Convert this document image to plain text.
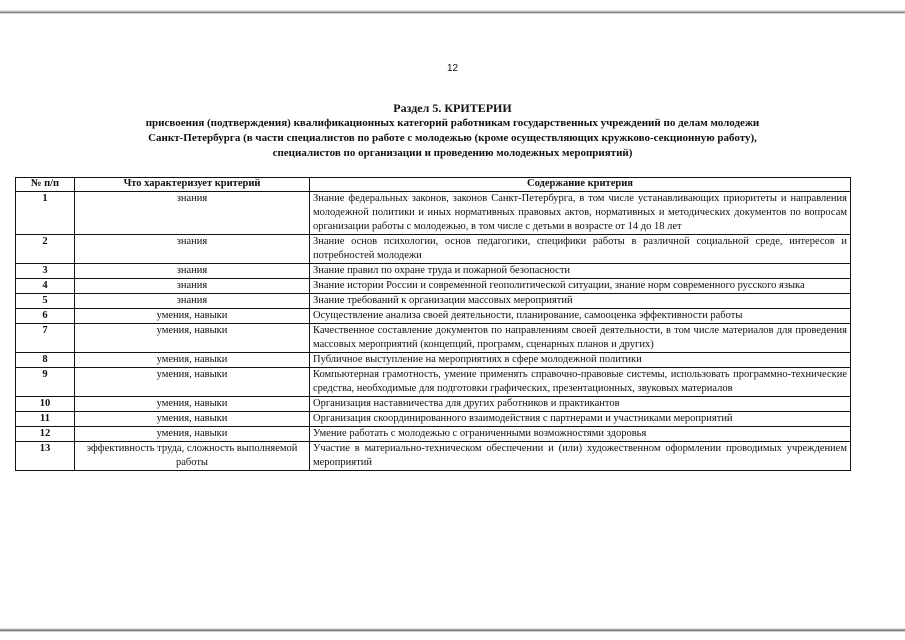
12
Раздел 5. КРИТЕРИИ
присвоения (подтверждения) квалификационных категорий работникам государственных учреждений по делам молодежи
Санкт-Петербурга (в части специалистов по работе с молодежью (кроме осуществляющих кружково-секционную работу),
специалистов по организации и проведению молодежных мероприятий)
№ п/п	Что характеризует критерий	Содержание критерия
1	знания	Знание федеральных законов, законов Санкт-Петербурга, в том числе устанавливающих приоритеты и направления молодежной политики и иных нормативных правовых актов, нормативных и методических документов по вопросам организации работы с молодежью, в том числе с детьми в возрасте от 14 до 18 лет
2	знания	Знание основ психологии, основ педагогики, специфики работы в различной социальной среде, интересов и потребностей молодежи
3	знания	Знание правил по охране труда и пожарной безопасности
4	знания	Знание истории России и современной геополитической ситуации, знание норм современного русского языка
5	знания	Знание требований к организации массовых мероприятий
6	умения, навыки	Осуществление анализа своей деятельности, планирование, самооценка эффективности работы
7	умения, навыки	Качественное составление документов по направлениям своей деятельности, в том числе материалов для проведения массовых мероприятий (концепций, программ, сценарных планов и других)
8	умения, навыки	Публичное выступление на мероприятиях в сфере молодежной политики
9	умения, навыки	Компьютерная грамотность, умение применять справочно-правовые системы, использовать программно-технические средства, необходимые для подготовки графических, презентационных, звуковых материалов
10	умения, навыки	Организация наставничества для других работников и практикантов
11	умения, навыки	Организация скоординированного взаимодействия с партнерами и участниками мероприятий
12	умения, навыки	Умение работать с молодежью с ограниченными возможностями здоровья
13	эффективность труда, сложность выполняемой работы	Участие в материально-техническом обеспечении и (или) художественном оформлении проводимых учреждением мероприятий
